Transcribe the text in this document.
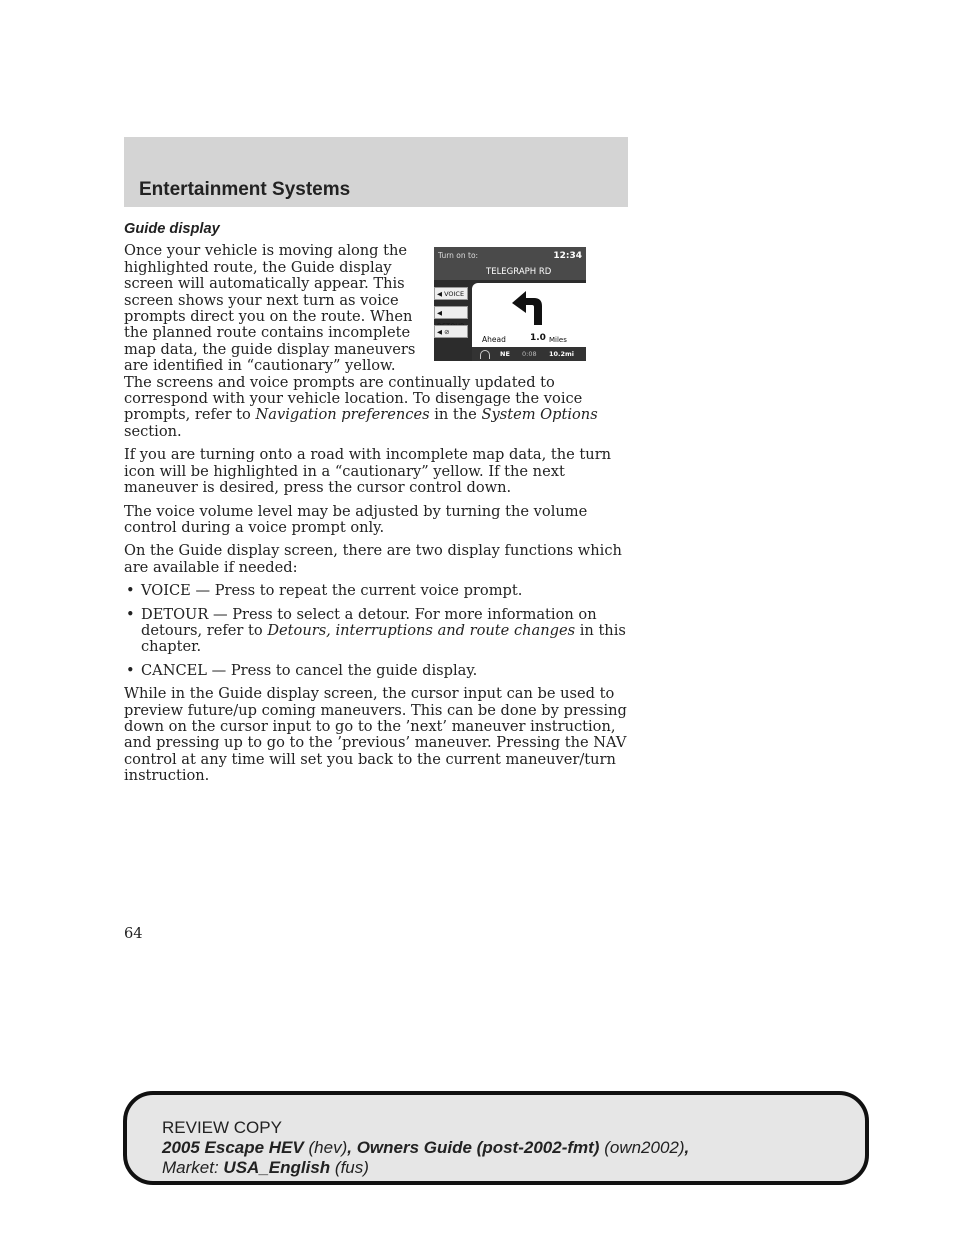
Entertainment Systems
Guide display
Turn on to:	12:34
TELEGRAPH RD
◀ VOICE
◀
◀ ⊘
Ahead	1.0 Miles
NE 0:08 10.2mi

Once your vehicle is moving along the highlighted route, the Guide display screen will automatically appear. This screen shows your next turn as voice prompts direct you on the route. When the planned route contains incomplete map data, the guide display maneuvers are identified in “cautionary” yellow. The screens and voice prompts are continually updated to correspond with your vehicle location. To disengage the voice prompts, refer to Navigation preferences in the System Options section.

If you are turning onto a road with incomplete map data, the turn icon will be highlighted in a “cautionary” yellow. If the next maneuver is desired, press the cursor control down.

The voice volume level may be adjusted by turning the volume control during a voice prompt only.

On the Guide display screen, there are two display functions which are available if needed:

• VOICE — Press to repeat the current voice prompt.
• DETOUR — Press to select a detour. For more information on detours, refer to Detours, interruptions and route changes in this chapter.
• CANCEL — Press to cancel the guide display.

While in the Guide display screen, the cursor input can be used to preview future/up coming maneuvers. This can be done by pressing down on the cursor input to go to the ’next’ maneuver instruction, and pressing up to go to the ’previous’ maneuver. Pressing the NAV control at any time will set you back to the current maneuver/turn instruction.

64
REVIEW COPY
2005 Escape HEV (hev), Owners Guide (post-2002-fmt) (own2002),
Market: USA_English (fus)
